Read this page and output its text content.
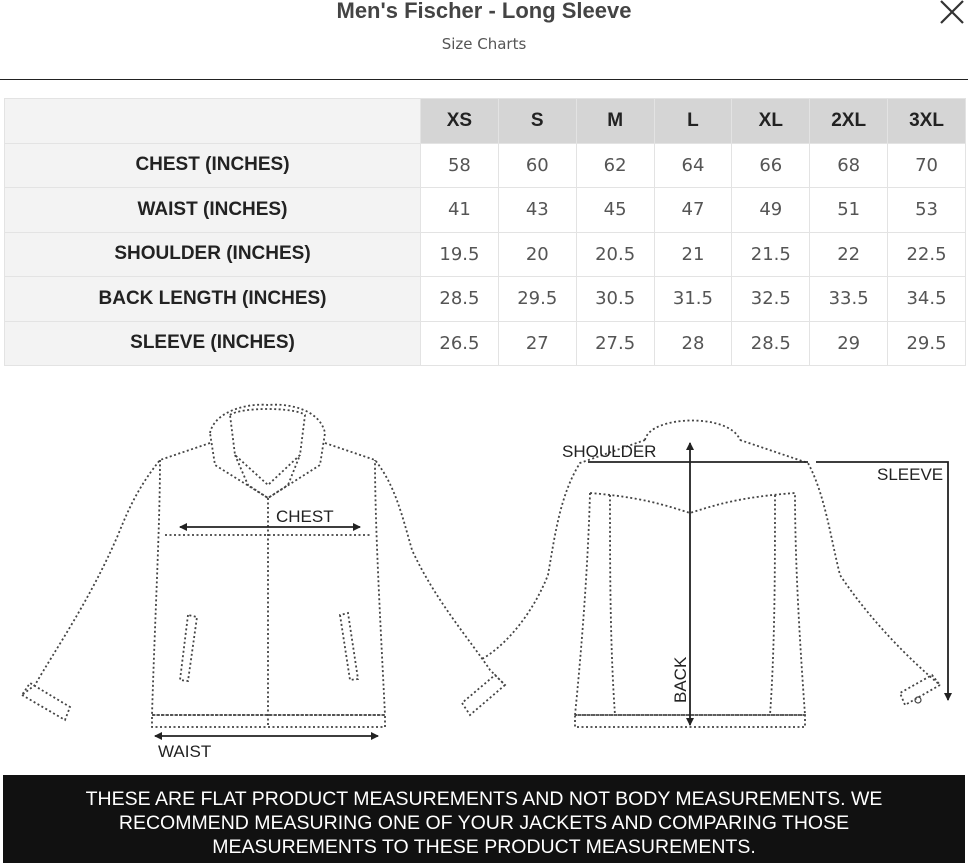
Men's Fischer - Long Sleeve
Size Charts
	XS	S	M	L	XL	2XL	3XL
CHEST (INCHES)	58	60	62	64	66	68	70
WAIST (INCHES)	41	43	45	47	49	51	53
SHOULDER (INCHES)	19.5	20	20.5	21	21.5	22	22.5
BACK LENGTH (INCHES)	28.5	29.5	30.5	31.5	32.5	33.5	34.5
SLEEVE (INCHES)	26.5	27	27.5	28	28.5	29	29.5
CHEST
WAIST
SHOULDER
SLEEVE
BACK
THESE ARE FLAT PRODUCT MEASUREMENTS AND NOT BODY MEASUREMENTS. WE
RECOMMEND MEASURING ONE OF YOUR JACKETS AND COMPARING THOSE
MEASUREMENTS TO THESE PRODUCT MEASUREMENTS.
